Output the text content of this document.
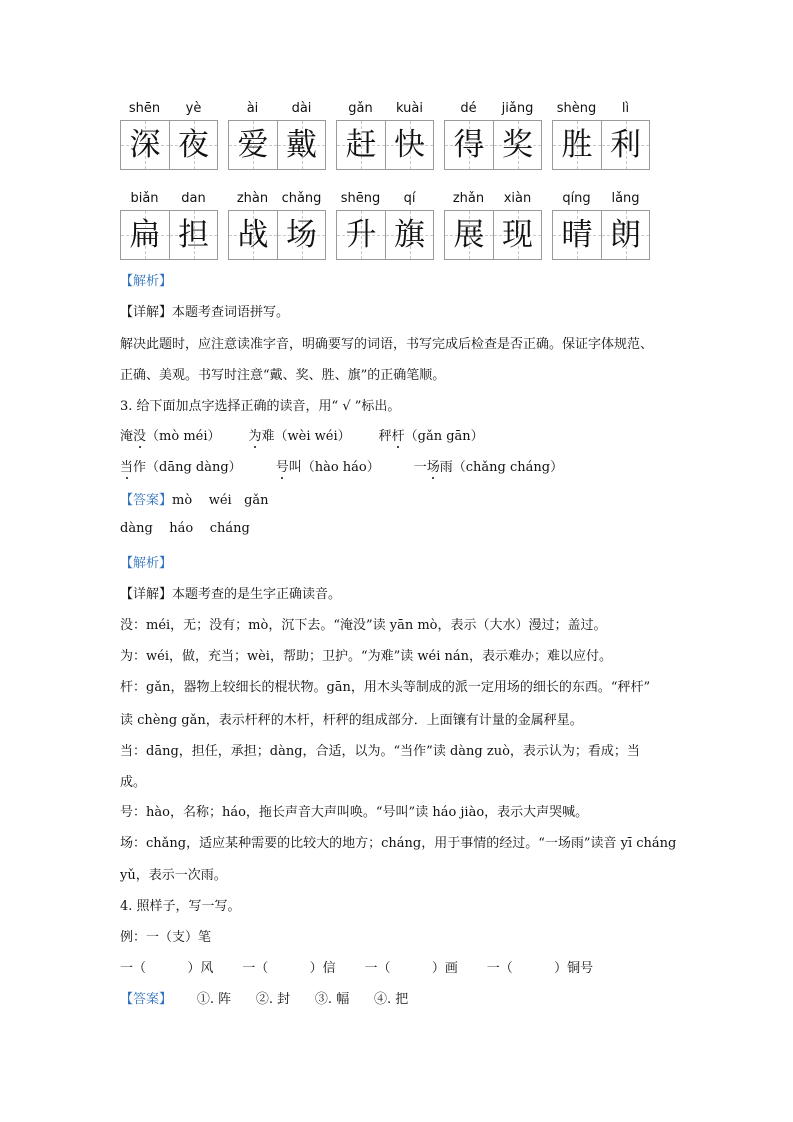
shēn	yè
深 夜
ài	dài
爱 戴
gǎn	kuài
赶 快
dé	jiǎng
得 奖
shèng	lì
胜 利
biǎn	dan
扁 担
zhàn	chǎng
战 场
shēng	qí
升 旗
zhǎn	xiàn
展 现
qíng	lǎng
晴 朗
【解析】
【详解】本题考查词语拼写。
解决此题时，应注意读准字音，明确要写的词语，书写完成后检查是否正确。保证字体规范、
正确、美观。书写时注意“戴、奖、胜、旗”的正确笔顺。
3. 给下面加点字选择正确的读音，用“ √ ”标出。
淹没（mò méi） 为难（wèi wéi） 秤杆（gǎn gān）
当作（dāng dàng）	号叫（hào háo）	一场雨（chǎng cháng）
【答案】mò    wéi   gǎn
dàng    háo    cháng
【解析】
【详解】本题考查的是生字正确读音。
没：méi，无；没有；mò，沉下去。“淹没”读 yān mò，表示（大水）漫过；盖过。
为：wéi，做，充当；wèi，帮助；卫护。“为难”读 wéi nán，表示难办；难以应付。
杆：gǎn，器物上较细长的棍状物。gān，用木头等制成的派一定用场的细长的东西。“秤杆”
读 chèng gǎn，表示杆秤的木杆，杆秤的组成部分．上面镶有计量的金属秤星。
当：dāng，担任，承担；dàng，合适，以为。“当作”读 dàng zuò，表示认为；看成；当
成。
号：hào，名称；háo，拖长声音大声叫唤。“号叫”读 háo jiào，表示大声哭喊。
场：chǎng，适应某种需要的比较大的地方；cháng，用于事情的经过。“一场雨”读音 yī cháng
yǔ，表示一次雨。
4. 照样子，写一写。
例：一（支）笔
一（          ）风       一（          ）信       一（          ）画       一（          ）铜号
【答案】 ①. 阵      ②. 封      ③. 幅      ④. 把
